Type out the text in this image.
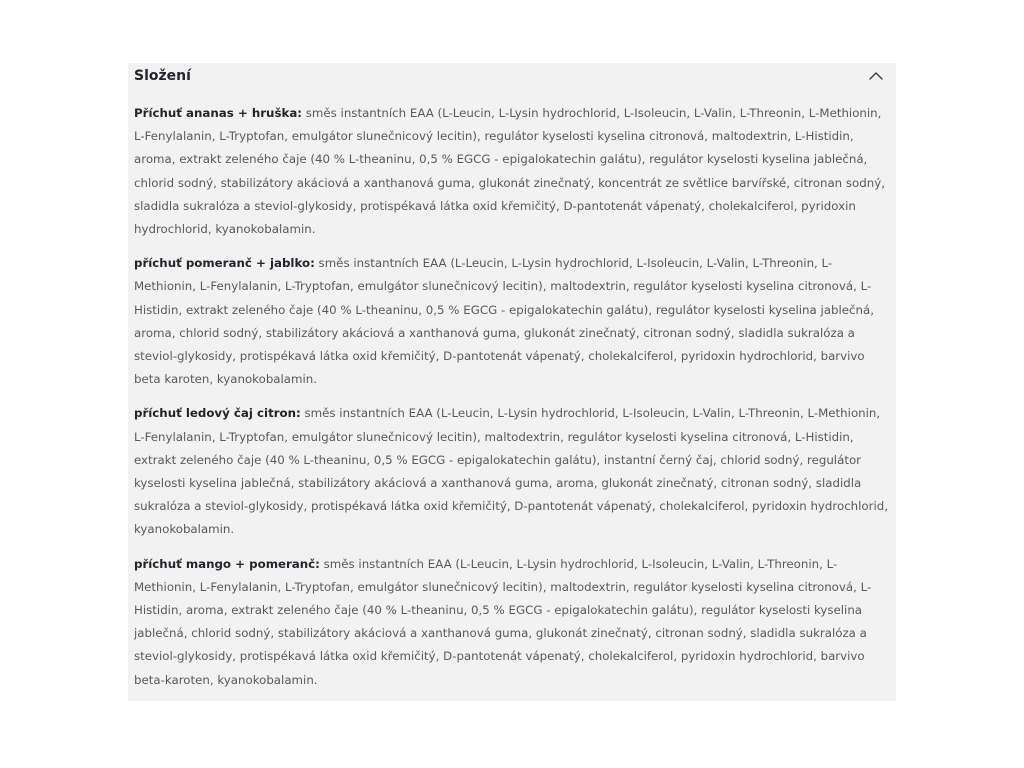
Složení
Příchuť ananas + hruška: směs instantních EAA (L-Leucin, L-Lysin hydrochlorid, L-Isoleucin, L-Valin, L-Threonin, L-Methionin, L-Fenylalanin, L-Tryptofan, emulgátor slunečnicový lecitin), regulátor kyselosti kyselina citronová, maltodextrin, L-Histidin, aroma, extrakt zeleného čaje (40 % L-theaninu, 0,5 % EGCG - epigalokatechin galátu), regulátor kyselosti kyselina jablečná, chlorid sodný, stabilizátory akáciová a xanthanová guma, glukonát zinečnatý, koncentrát ze světlice barvířské, citronan sodný, sladidla sukralóza a steviol-glykosidy, protispékavá látka oxid křemičitý, D-pantotenát vápenatý, cholekalciferol, pyridoxin hydrochlorid, kyanokobalamin.
příchuť pomeranč + jablko: směs instantních EAA (L-Leucin, L-Lysin hydrochlorid, L-Isoleucin, L-Valin, L-Threonin, L-Methionin, L-Fenylalanin, L-Tryptofan, emulgátor slunečnicový lecitin), maltodextrin, regulátor kyselosti kyselina citronová, L-Histidin, extrakt zeleného čaje (40 % L-theaninu, 0,5 % EGCG - epigalokatechin galátu), regulátor kyselosti kyselina jablečná, aroma, chlorid sodný, stabilizátory akáciová a xanthanová guma, glukonát zinečnatý, citronan sodný, sladidla sukralóza a steviol-glykosidy, protispékavá látka oxid křemičitý, D-pantotenát vápenatý, cholekalciferol, pyridoxin hydrochlorid, barvivo beta karoten, kyanokobalamin.
příchuť ledový čaj citron: směs instantních EAA (L-Leucin, L-Lysin hydrochlorid, L-Isoleucin, L-Valin, L-Threonin, L-Methionin, L-Fenylalanin, L-Tryptofan, emulgátor slunečnicový lecitin), maltodextrin, regulátor kyselosti kyselina citronová, L-Histidin, extrakt zeleného čaje (40 % L-theaninu, 0,5 % EGCG - epigalokatechin galátu), instantní černý čaj, chlorid sodný, regulátor kyselosti kyselina jablečná, stabilizátory akáciová a xanthanová guma, aroma, glukonát zinečnatý, citronan sodný, sladidla sukralóza a steviol-glykosidy, protispékavá látka oxid křemičitý, D-pantotenát vápenatý, cholekalciferol, pyridoxin hydrochlorid, kyanokobalamin.
příchuť mango + pomeranč: směs instantních EAA (L-Leucin, L-Lysin hydrochlorid, L-Isoleucin, L-Valin, L-Threonin, L-Methionin, L-Fenylalanin, L-Tryptofan, emulgátor slunečnicový lecitin), maltodextrin, regulátor kyselosti kyselina citronová, L-Histidin, aroma, extrakt zeleného čaje (40 % L-theaninu, 0,5 % EGCG - epigalokatechin galátu), regulátor kyselosti kyselina jablečná, chlorid sodný, stabilizátory akáciová a xanthanová guma, glukonát zinečnatý, citronan sodný, sladidla sukralóza a steviol-glykosidy, protispékavá látka oxid křemičitý, D-pantotenát vápenatý, cholekalciferol, pyridoxin hydrochlorid, barvivo beta-karoten, kyanokobalamin.
